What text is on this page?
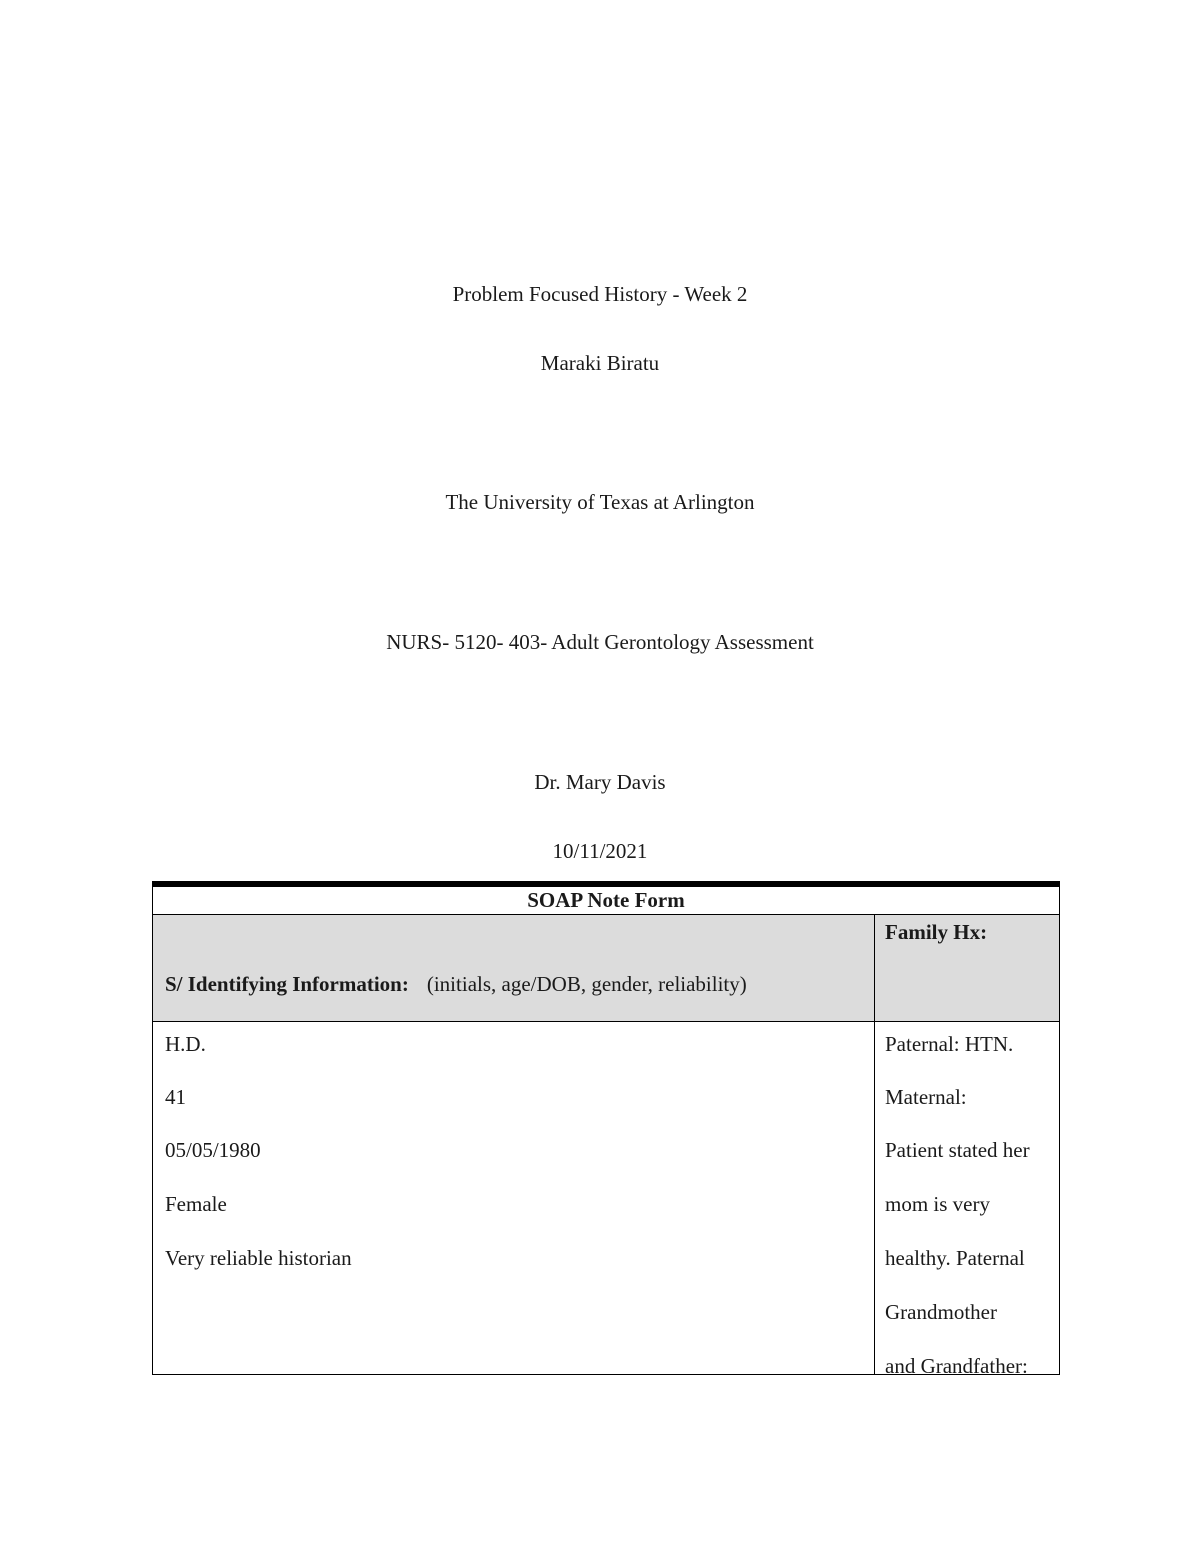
Problem Focused History - Week 2
Maraki Biratu
The University of Texas at Arlington
NURS- 5120- 403- Adult Gerontology Assessment
Dr. Mary Davis
10/11/2021
SOAP Note Form
S/ Identifying Information: (initials, age/DOB, gender, reliability)
Family Hx:
H.D.
41
05/05/1980
Female
Very reliable historian
Paternal: HTN.
Maternal:
Patient stated her
mom is very
healthy. Paternal
Grandmother
and Grandfather:
